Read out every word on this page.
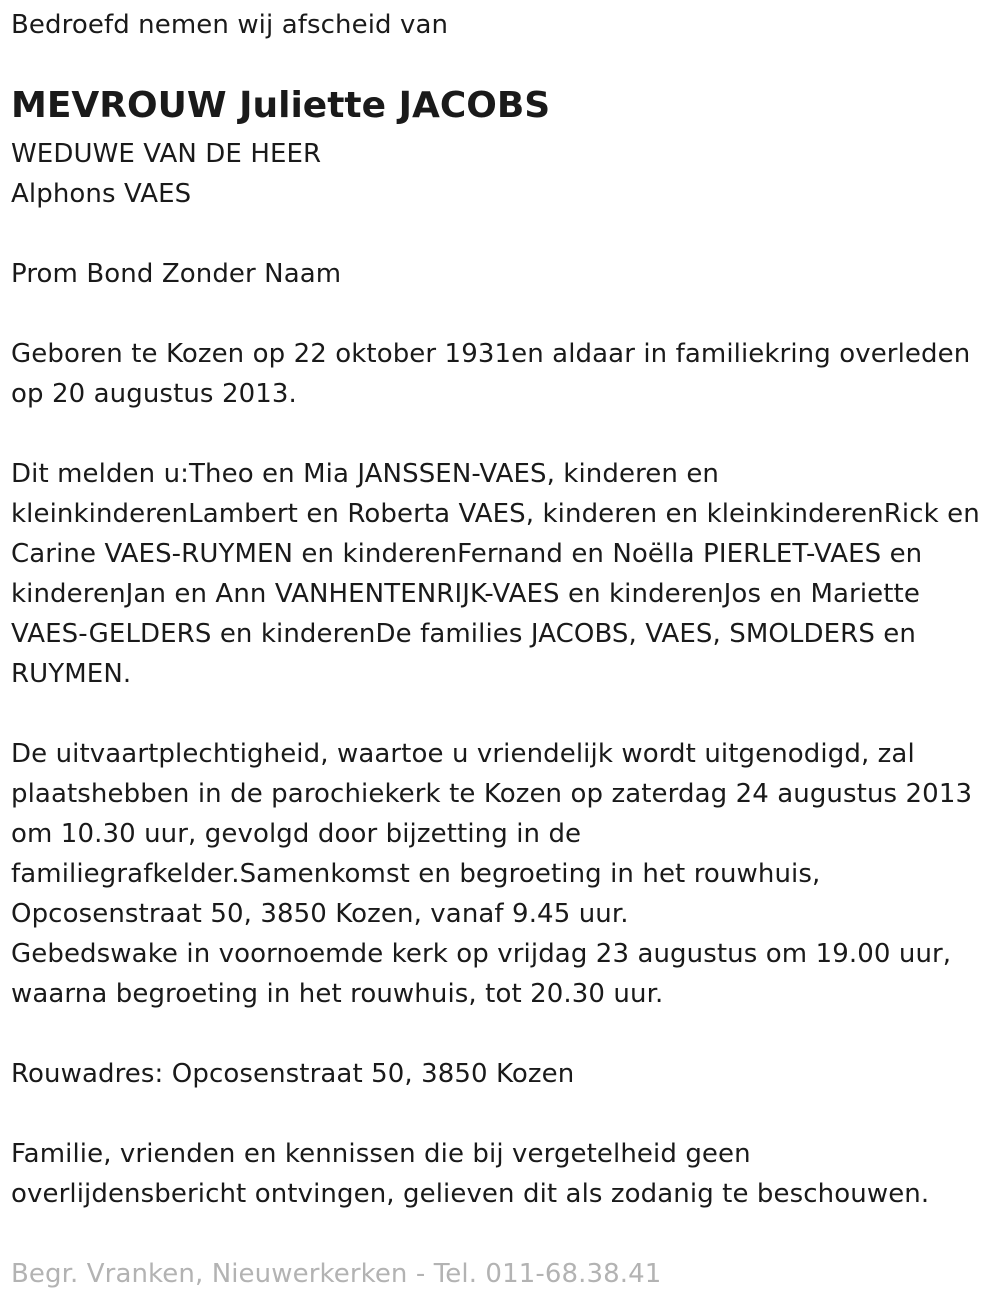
Bedroefd nemen wij afscheid van
MEVROUW Juliette JACOBS
WEDUWE VAN DE HEER
Alphons VAES
Prom Bond Zonder Naam
Geboren te Kozen op 22 oktober 1931en aldaar in familiekring overleden
op 20 augustus 2013.
Dit melden u:Theo en Mia JANSSEN-VAES, kinderen en
kleinkinderenLambert en Roberta VAES, kinderen en kleinkinderenRick en
Carine VAES-RUYMEN en kinderenFernand en Noëlla PIERLET-VAES en
kinderenJan en Ann VANHENTENRIJK-VAES en kinderenJos en Mariette
VAES-GELDERS en kinderenDe families JACOBS, VAES, SMOLDERS en
RUYMEN.
De uitvaartplechtigheid, waartoe u vriendelijk wordt uitgenodigd, zal
plaatshebben in de parochiekerk te Kozen op zaterdag 24 augustus 2013
om 10.30 uur, gevolgd door bijzetting in de
familiegrafkelder.Samenkomst en begroeting in het rouwhuis,
Opcosenstraat 50, 3850 Kozen, vanaf 9.45 uur.
Gebedswake in voornoemde kerk op vrijdag 23 augustus om 19.00 uur,
waarna begroeting in het rouwhuis, tot 20.30 uur.
Rouwadres: Opcosenstraat 50, 3850 Kozen
Familie, vrienden en kennissen die bij vergetelheid geen
overlijdensbericht ontvingen, gelieven dit als zodanig te beschouwen.
Begr. Vranken, Nieuwerkerken - Tel. 011-68.38.41
